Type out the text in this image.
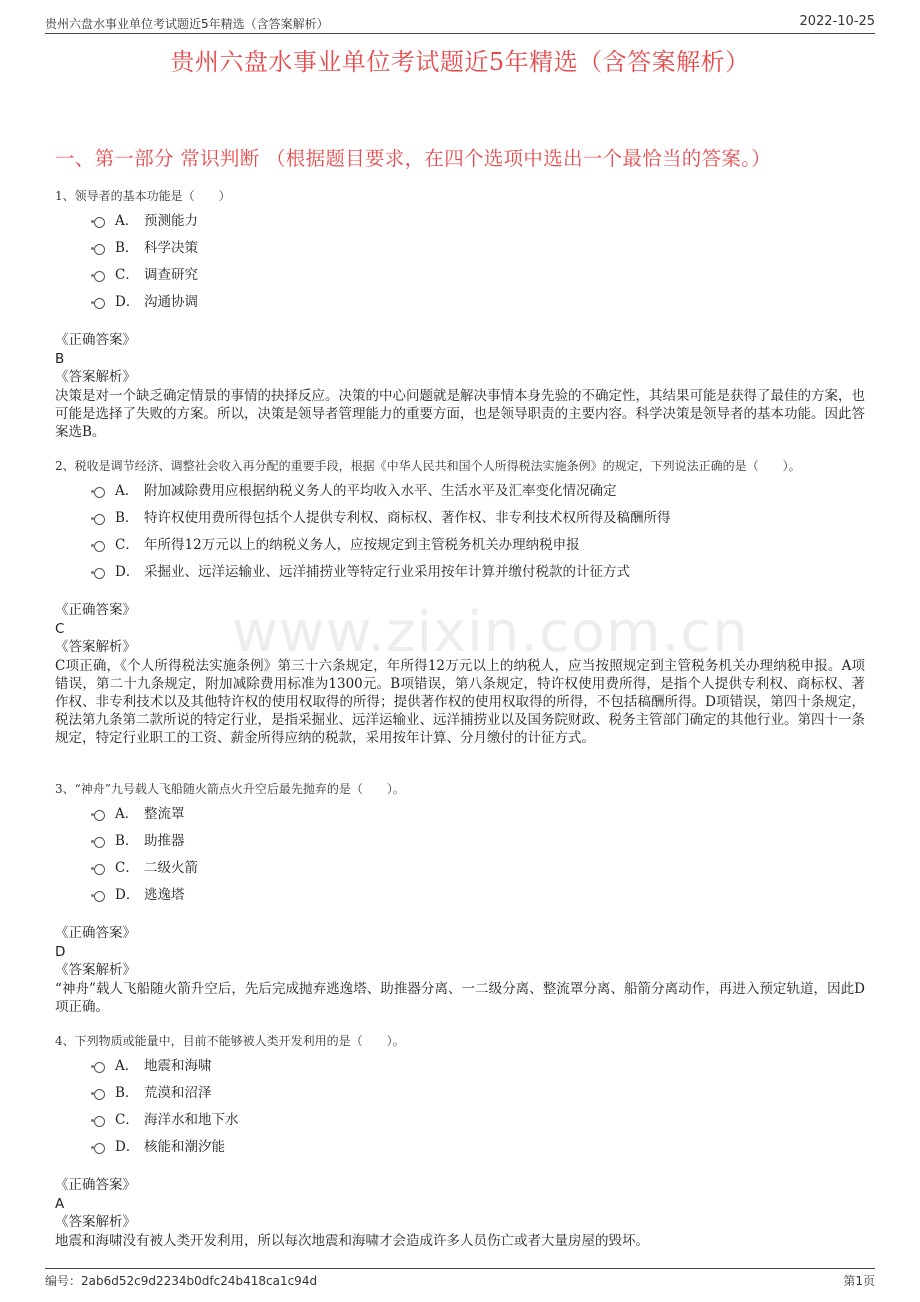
贵州六盘水事业单位考试题近5年精选（含答案解析）	2022-10-25
贵州六盘水事业单位考试题近5年精选（含答案解析）
一、第一部分 常识判断 （根据题目要求，在四个选项中选出一个最恰当的答案。）
www.zixin.com.cn
1、领导者的基本功能是（　　）
A． 预测能力
B． 科学决策
C． 调查研究
D． 沟通协调
《正确答案》
B
《答案解析》
决策是对一个缺乏确定情景的事情的抉择反应。决策的中心问题就是解决事情本身先验的不确定性，其结果可能是获得了最佳的方案，也可能是选择了失败的方案。所以，决策是领导者管理能力的重要方面，也是领导职责的主要内容。科学决策是领导者的基本功能。因此答案选B。
2、税收是调节经济、调整社会收入再分配的重要手段，根据《中华人民共和国个人所得税法实施条例》的规定，下列说法正确的是（　　）。
A． 附加减除费用应根据纳税义务人的平均收入水平、生活水平及汇率变化情况确定
B． 特许权使用费所得包括个人提供专利权、商标权、著作权、非专利技术权所得及稿酬所得
C． 年所得12万元以上的纳税义务人，应按规定到主管税务机关办理纳税申报
D． 采掘业、远洋运输业、远洋捕捞业等特定行业采用按年计算并缴付税款的计征方式
《正确答案》
C
《答案解析》
C项正确，《个人所得税法实施条例》第三十六条规定，年所得12万元以上的纳税人，应当按照规定到主管税务机关办理纳税申报。A项错误，第二十九条规定，附加减除费用标准为1300元。B项错误，第八条规定，特许权使用费所得，是指个人提供专利权、商标权、著作权、非专利技术以及其他特许权的使用权取得的所得；提供著作权的使用权取得的所得，不包括稿酬所得。D项错误，第四十条规定，税法第九条第二款所说的特定行业，是指采掘业、远洋运输业、远洋捕捞业以及国务院财政、税务主管部门确定的其他行业。第四十一条规定，特定行业职工的工资、薪金所得应纳的税款，采用按年计算、分月缴付的计征方式。
3、“神舟”九号载人飞船随火箭点火升空后最先抛弃的是（　　）。
A． 整流罩
B． 助推器
C． 二级火箭
D． 逃逸塔
《正确答案》
D
《答案解析》
“神舟”载人飞船随火箭升空后，先后完成抛弃逃逸塔、助推器分离、一二级分离、整流罩分离、船箭分离动作，再进入预定轨道，因此D项正确。
4、下列物质或能量中，目前不能够被人类开发利用的是（　　）。
A． 地震和海啸
B． 荒漠和沼泽
C． 海洋水和地下水
D． 核能和潮汐能
《正确答案》
A
《答案解析》
地震和海啸没有被人类开发利用，所以每次地震和海啸才会造成许多人员伤亡或者大量房屋的毁坏。
编号：2ab6d52c9d2234b0dfc24b418ca1c94d	第1页
